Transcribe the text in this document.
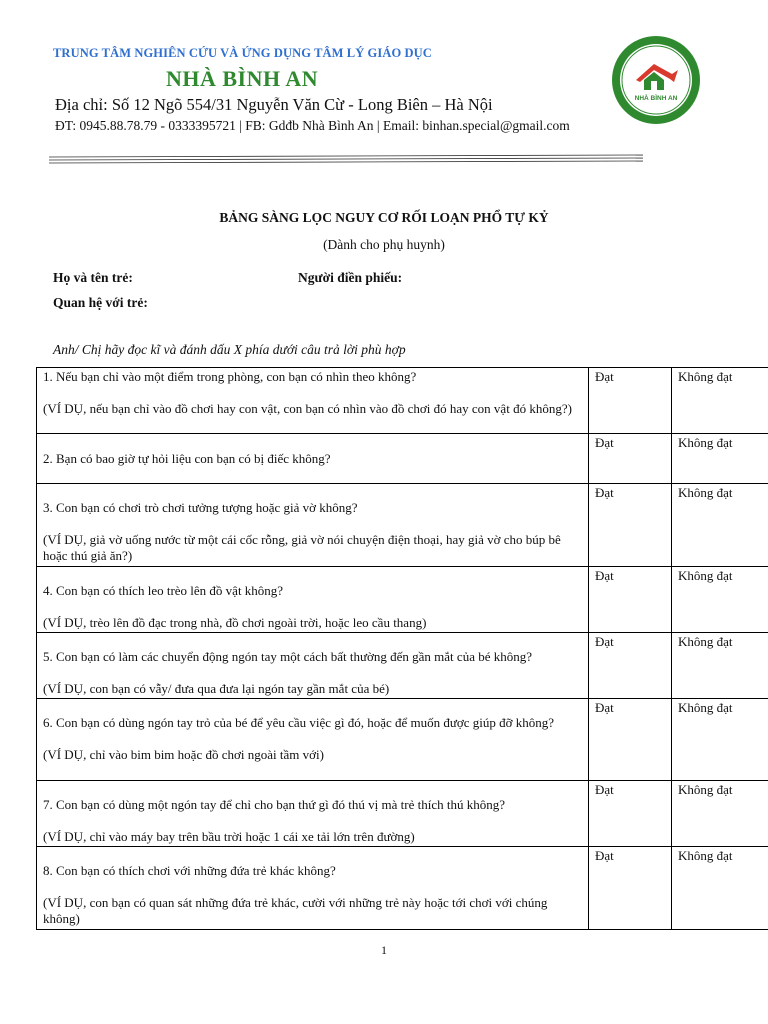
TRUNG TÂM NGHIÊN CỨU VÀ ỨNG DỤNG TÂM LÝ GIÁO DỤC
NHÀ BÌNH AN
Địa chỉ: Số 12 Ngõ 554/31 Nguyễn Văn Cừ - Long Biên – Hà Nội
ĐT: 0945.88.78.79 - 0333395721 | FB: Gdđb Nhà Bình An | Email: binhan.special@gmail.com
NHÀ BÌNH AN
BẢNG SÀNG LỌC NGUY CƠ RỐI LOẠN PHỔ TỰ KỶ
(Dành cho phụ huynh)
Họ và tên trẻ:	Người điền phiếu:
Quan hệ với trẻ:
Anh/ Chị hãy đọc kĩ và đánh dấu X phía dưới câu trả lời phù hợp
1. Nếu bạn chỉ vào một điểm trong phòng, con bạn có nhìn theo không?
(VÍ DỤ, nếu bạn chỉ vào đồ chơi hay con vật, con bạn có nhìn vào đồ chơi đó hay con vật đó không?)	Đạt	Không đạt

2. Bạn có bao giờ tự hỏi liệu con bạn có bị điếc không?	Đạt	Không đạt

3. Con bạn có chơi trò chơi tưởng tượng hoặc giả vờ không?
(VÍ DỤ, giả vờ uống nước từ một cái cốc rỗng, giả vờ nói chuyện điện thoại, hay giả vờ cho búp bê hoặc thú giả ăn?)	Đạt	Không đạt

4. Con bạn có thích leo trèo lên đồ vật không?
(VÍ DỤ, trèo lên đồ đạc trong nhà, đồ chơi ngoài trời, hoặc leo cầu thang)	Đạt	Không đạt

5. Con bạn có làm các chuyển động ngón tay một cách bất thường đến gần mắt của bé không?
(VÍ DỤ, con bạn có vẫy/ đưa qua đưa lại ngón tay gần mắt của bé)	Đạt	Không đạt

6. Con bạn có dùng ngón tay trỏ của bé để yêu cầu việc gì đó, hoặc để muốn được giúp đỡ không?
(VÍ DỤ, chỉ vào bim bim hoặc đồ chơi ngoài tầm với)	Đạt	Không đạt

7. Con bạn có dùng một ngón tay để chỉ cho bạn thứ gì đó thú vị mà trẻ thích thú không?
(VÍ DỤ, chỉ vào máy bay trên bầu trời hoặc 1 cái xe tải lớn trên đường)	Đạt	Không đạt

8. Con bạn có thích chơi với những đứa trẻ khác không?
(VÍ DỤ, con bạn có quan sát những đứa trẻ khác, cười với những trẻ này hoặc tới chơi với chúng không)	Đạt	Không đạt
1
